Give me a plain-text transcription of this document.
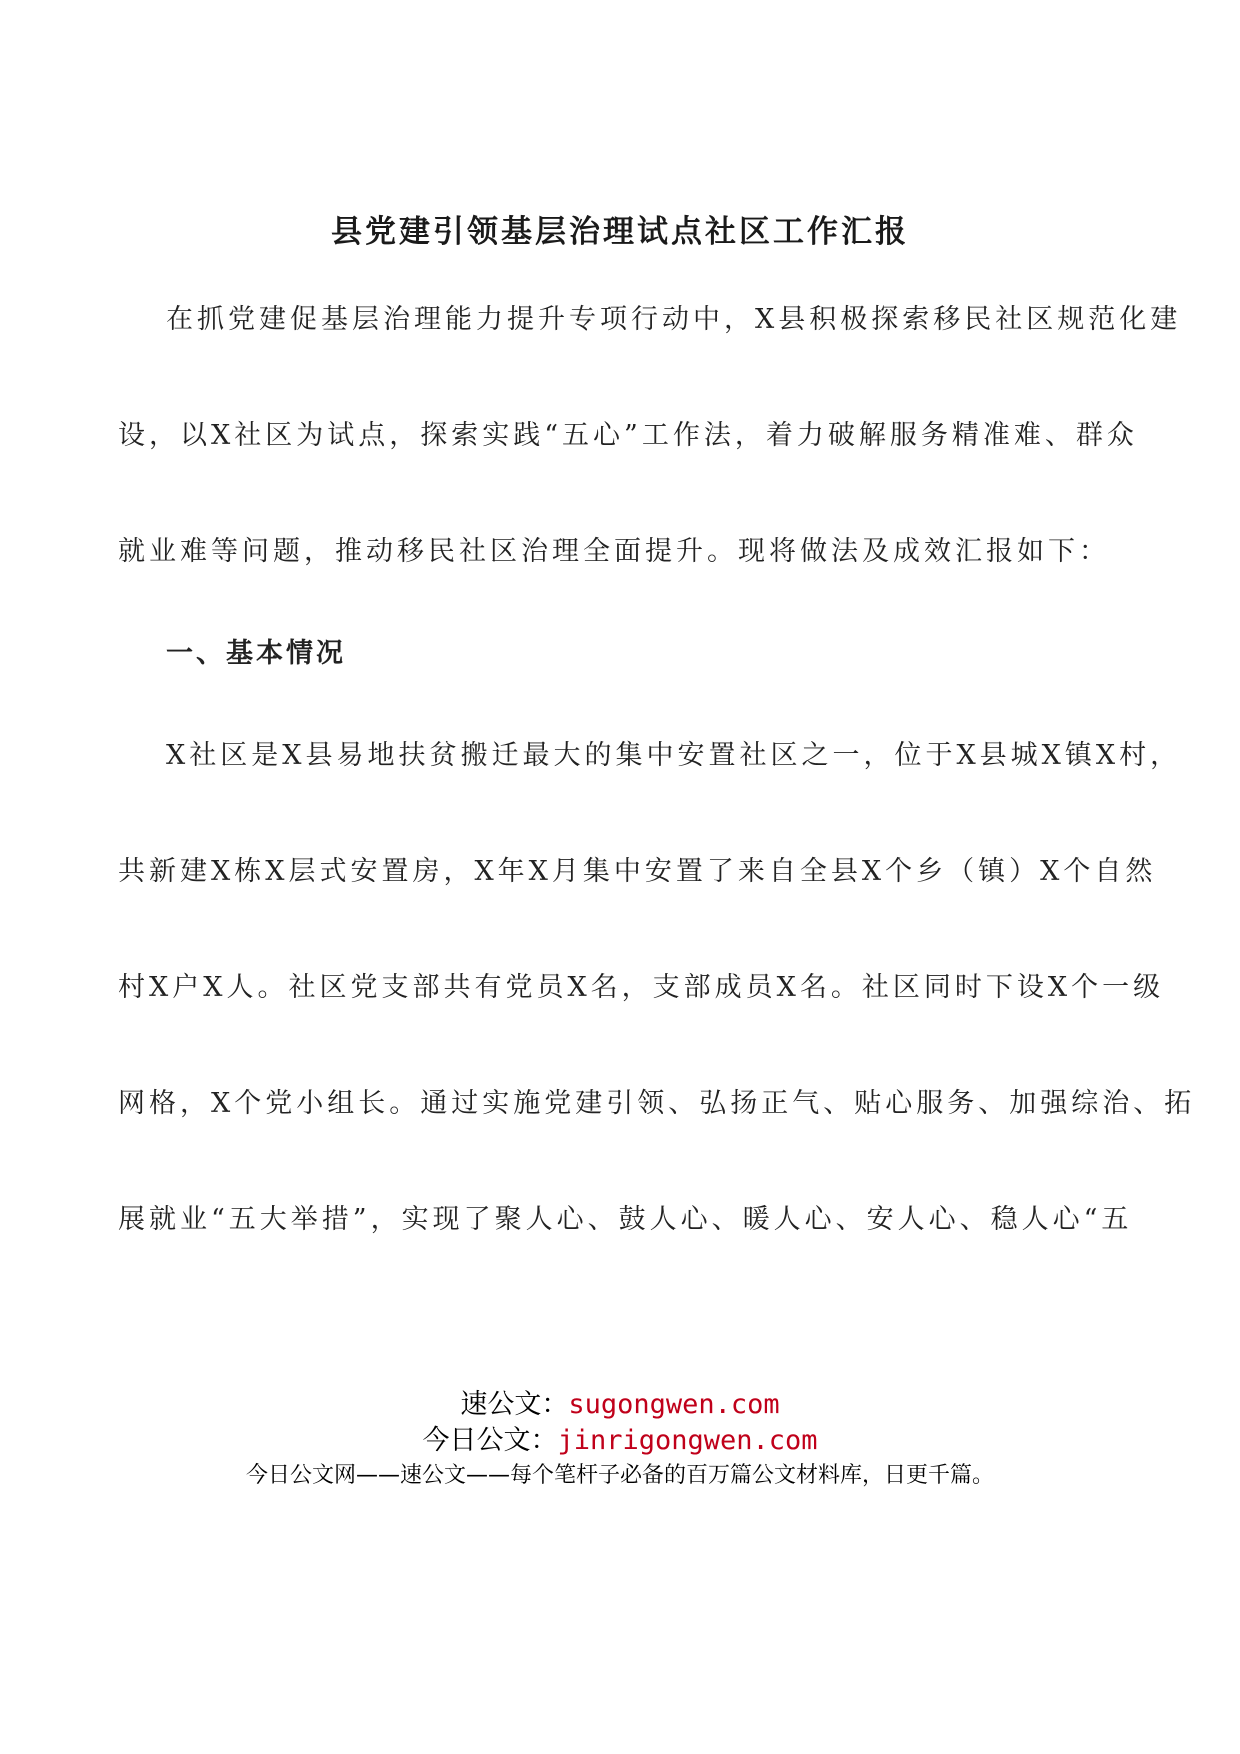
县党建引领基层治理试点社区工作汇报
在抓党建促基层治理能力提升专项行动中，X县积极探索移民社区规范化建
设，以X社区为试点，探索实践“五心”工作法，着力破解服务精准难、群众
就业难等问题，推动移民社区治理全面提升。现将做法及成效汇报如下：
一、基本情况
X社区是X县易地扶贫搬迁最大的集中安置社区之一，位于X县城X镇X村，
共新建X栋X层式安置房，X年X月集中安置了来自全县X个乡（镇）X个自然
村X户X人。社区党支部共有党员X名，支部成员X名。社区同时下设X个一级
网格，X个党小组长。通过实施党建引领、弘扬正气、贴心服务、加强综治、拓
展就业“五大举措”，实现了聚人心、鼓人心、暖人心、安人心、稳人心“五
速公文：sugongwen.com
今日公文：jinrigongwen.com
今日公文网——速公文——每个笔杆子必备的百万篇公文材料库，日更千篇。
